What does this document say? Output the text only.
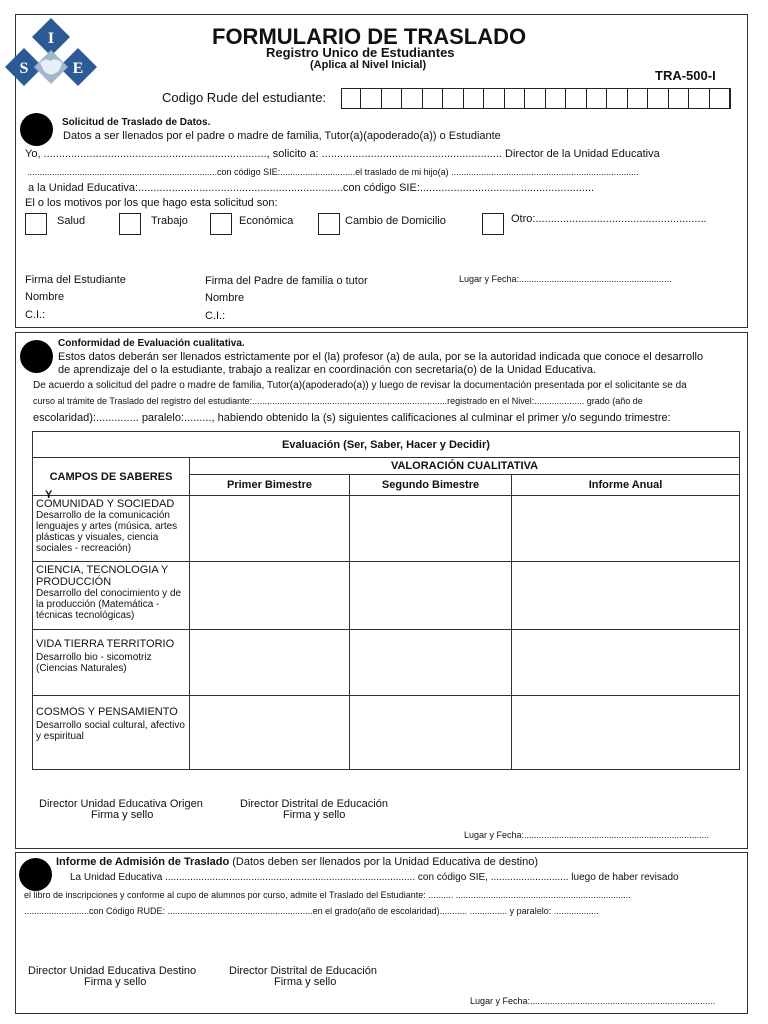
I
S	E
FORMULARIO DE TRASLADO
Registro Unico de Estudiantes
(Aplica al Nivel Inicial)
TRA-500-I
Codigo Rude del estudiante:
Solicitud de Traslado de Datos.
Datos a ser llenados por el padre o madre de familia, Tutor(a)(apoderado(a)) o Estudiante
Yo, ........................................................................., solicito a: ........................................................... Director de la Unidad Educativa
............................................................................con código SIE:..............................el traslado de mi hijo(a) ...........................................................................
a la Unidad Educativa:...................................................................con código SIE:.........................................................
El o los motivos por los que hago esta solicitud son:
Salud	Trabajo	Económica	Cambio de Domicilio	Otro:........................................................
Firma del Estudiante	Firma del Padre de familia o tutor	Lugar y Fecha:.............................................................
Nombre	Nombre
C.I.:	C.I.:
Conformidad de Evaluación cualitativa.
Estos datos deberán ser llenados estrictamente por el (la) profesor (a) de aula, por se la autoridad indicada que conoce el desarrollo
de aprendizaje del o la estudiante, trabajo a realizar en coordinación con secretaria(o) de la Unidad Educativa.
De acuerdo a solicitud del padre o madre de familia, Tutor(a)(apoderado(a)) y luego de revisar la documentación presentada por el solicitante se da
curso al trámite de Traslado del registro del estudiante:..............................................................................registrado en el Nivel:.................... grado (año de
escolaridad):.............. paralelo:........., habiendo obtenido la (s) siguientes calificaciones al culminar el primer y/o segundo trimestre:
Evaluación (Ser, Saber, Hacer y Decidir)			
CAMPOS DE SABERES
Y	VALORACIÓN CUALITATIVA		
	Primer Bimestre	Segundo Bimestre	Informe Anual

COMUNIDAD Y SOCIEDAD
Desarrollo de la comunicación lenguajes y artes (música, artes plásticas y visuales, ciencia sociales - recreación)			

CIENCIA, TECNOLOGIA Y PRODUCCIÓN
Desarrollo del conocimiento y de la producción (Matemática - técnicas tecnológicas)			

VIDA TIERRA TERRITORIO
Desarrollo bio - sicomotriz (Ciencias Naturales)			

COSMOS Y PENSAMIENTO
Desarrollo social cultural, afectivo y espiritual			

Director Unidad Educativa Origen
Firma y sello
Director Distrital de Educación
Firma y sello
Lugar y Fecha:..........................................................................
Informe de Admisión de Traslado (Datos deben ser llenados por la Unidad Educativa de destino)
La Unidad Educativa .......................................................................................... con código SIE, ............................ luego de haber revisado
el libro de inscripciones y conforme al cupo de alumnos por curso, admite el Traslado del Estudiante: .......... ......................................................................
..........................con Código RUDE: ..........................................................en el grado(año de escolaridad)........... ............... y paralelo: ..................
Director Unidad Educativa Destino
Firma y sello
Director Distrital de Educación
Firma y sello
Lugar y Fecha:..........................................................................
